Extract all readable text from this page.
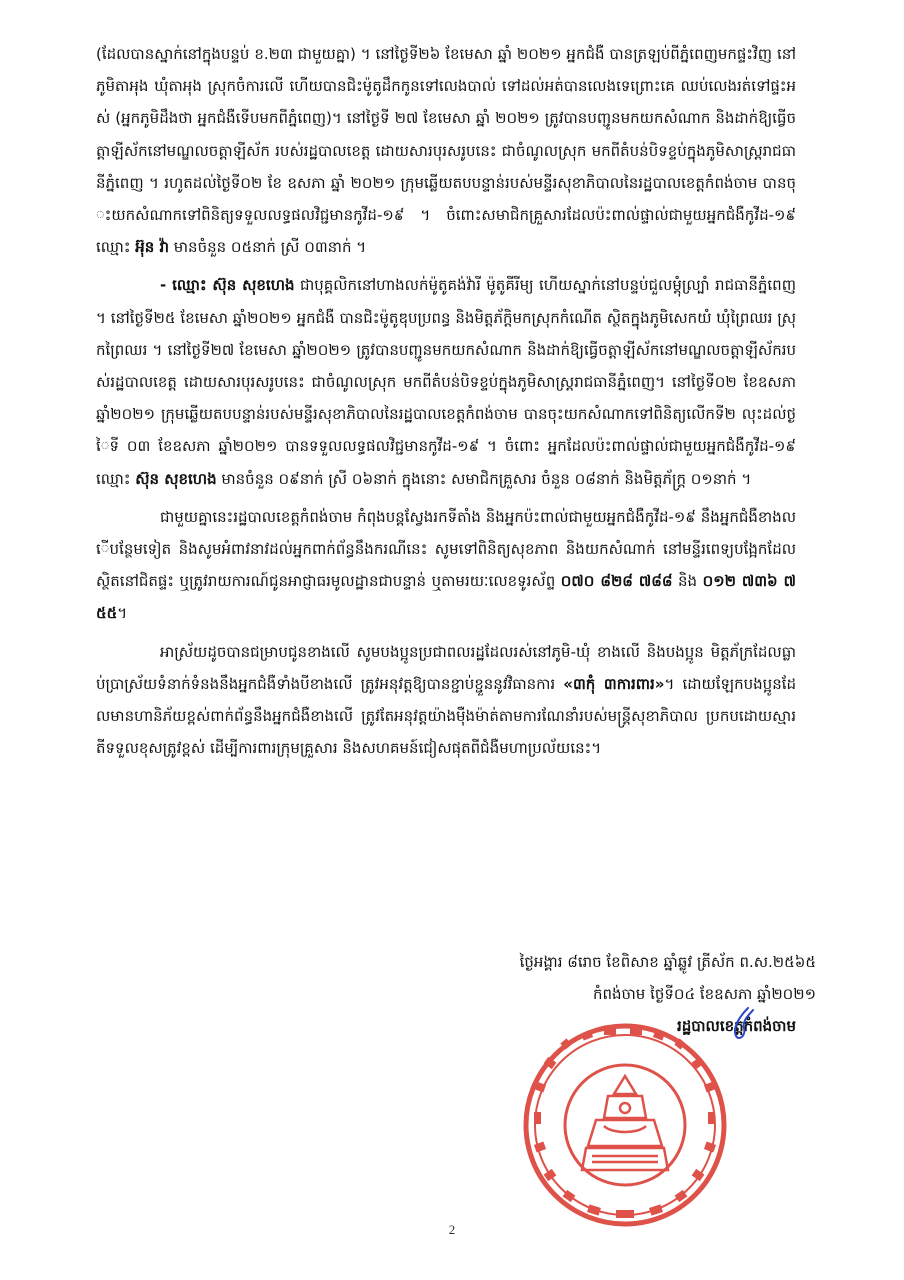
(ដែលបានស្នាក់នៅក្នុងបន្ទប់ ខ.២៣ ជាមួយគ្នា) ។ នៅថ្ងៃទី២៦ ខែមេសា ឆ្នាំ ២០២១ អ្នកជំងឺ បានត្រឡប់ពីភ្នំពេញមកផ្ទះវិញ នៅភូមិតាអុង ឃុំតាអុង ស្រុកចំការលើ ហើយបានជិះម៉ូតូដឹកកូនទៅលេងបាល់ ទៅដល់អត់បានលេងទេព្រោះគេ ឈប់លេងរត់ទៅផ្ទះអស់ (អ្នកភូមិដឹងថា អ្នកជំងឺទើបមកពីភ្នំពេញ)។ នៅថ្ងៃទី ២៧ ខែមេសា ឆ្នាំ ២០២១ ត្រូវបានបញ្ជូនមកយកសំណាក និងដាក់ឱ្យធ្វើចត្តាឡីស័កនៅមណ្ឌលចត្តាឡីស័ក របស់រដ្ឋបាលខេត្ត ដោយសារបុរសរូបនេះ ជាចំណូលស្រុក មកពីតំបន់បិទខ្ទប់ក្នុងភូមិសាស្ត្ររាជធានីភ្នំពេញ ។ រហូតដល់ថ្ងៃទី០២ ខែ ឧសភា ឆ្នាំ ២០២១ ក្រុមឆ្លើយតបបន្ទាន់របស់មន្ទីរសុខាភិបាលនៃរដ្ឋបាលខេត្តកំពង់ចាម បានចុះយកសំណាកទៅពិនិត្យទទួលលទ្ធផលវិជ្ជមានកូវីដ-១៩ ។ ចំពោះសមាជិកគ្រួសារដែលប៉ះពាល់ផ្ទាល់ជាមួយអ្នកជំងឺកូវីដ-១៩ ឈ្មោះ អ៊ុន វ៉ា មានចំនួន ០៥នាក់ ស្រី ០៣នាក់ ។

- ឈ្មោះ ស៊ុន សុខហេង ជាបុគ្គលិកនៅហាងលក់ម៉ូតូគង់វ៉ារី ម៉ូតូគីរីម្យ ហើយស្នាក់នៅបន្ទប់ជួលម្ដុំល្ប្រាំ រាជធានីភ្នំពេញ។ នៅថ្ងៃទី២៥ ខែមេសា ឆ្នាំ២០២១ អ្នកជំងឺ បានជិះម៉ូតូឌុបប្រពន្ធ និងមិត្តភ័ក្តិមកស្រុកកំណើត ស្ថិតក្នុងភូមិសេកយំ ឃុំព្រៃឈរ ស្រុកព្រៃឈរ ។ នៅថ្ងៃទី២៧ ខែមេសា ឆ្នាំ២០២១ ត្រូវបានបញ្ជូនមកយកសំណាក និងដាក់ឱ្យធ្វើចត្តាឡីស័កនៅមណ្ឌលចត្តាឡីស័ករបស់រដ្ឋបាលខេត្ត ដោយសារបុរសរូបនេះ ជាចំណូលស្រុក មកពីតំបន់បិទខ្ទប់ក្នុងភូមិសាស្ត្ររាជធានីភ្នំពេញ។ នៅថ្ងៃទី០២ ខែឧសភា ឆ្នាំ២០២១ ក្រុមឆ្លើយតបបន្ទាន់របស់មន្ទីរសុខាភិបាលនៃរដ្ឋបាលខេត្តកំពង់ចាម បានចុះយកសំណាកទៅពិនិត្យលើកទី២ លុះដល់ថ្ងៃទី ០៣ ខែឧសភា ឆ្នាំ២០២១ បានទទួលលទ្ធផលវិជ្ជមានកូវីដ-១៩ ។ ចំពោះ អ្នកដែលប៉ះពាល់ផ្ទាល់ជាមួយអ្នកជំងឺកូវីដ-១៩ ឈ្មោះ ស៊ុន សុខហេង មានចំនួន ០៩នាក់ ស្រី ០៦នាក់ ក្នុងនោះ សមាជិកគ្រួសារ ចំនួន ០៨នាក់ និងមិត្តភ័ក្ត្រ ០១នាក់ ។

ជាមួយគ្នានេះរដ្ឋបាលខេត្តកំពង់ចាម កំពុងបន្តស្វែងរកទីតាំង និងអ្នកប៉ះពាល់ជាមួយអ្នកជំងឺកូវីដ-១៩ នឹងអ្នកជំងឺខាងលើបន្ថែមទៀត និងសូមអំពាវនាវដល់អ្នកពាក់ព័ន្ធនឹងករណីនេះ សូមទៅពិនិត្យសុខភាព និងយកសំណាក់ នៅមន្ទីរពេទ្យបង្អែកដែលស្ថិតនៅជិតផ្ទះ ឬត្រូវរាយការណ៍ជូនអាជ្ញាធរមូលដ្ឋានជាបន្ទាន់ ឬតាមរយៈលេខទូរស័ព្ទ ០៧០ ៨២៨ ៧៨៨ និង ០១២ ៧៣៦ ៧៥៥។

អាស្រ័យដូចបានជម្រាបជូនខាងលើ សូមបងប្អូនប្រជាពលរដ្ឋដែលរស់នៅភូមិ-ឃុំ ខាងលើ និងបងប្អូន មិត្តភ័ក្រដែលធ្លាប់ប្រាស្រ័យទំនាក់ទំនងនឹងអ្នកជំងឺទាំងបីខាងលើ ត្រូវអនុវត្តឱ្យបានខ្ជាប់ខ្ជួននូវវិធានការ «៣កុំ ៣ការពារ»។ ដោយឡែកបងប្អូនដែលមានហានិភ័យខ្ពស់ពាក់ព័ន្ធនឹងអ្នកជំងឺខាងលើ ត្រូវតែអនុវត្តយ៉ាងម៉ឺងម៉ាត់តាមការណែនាំរបស់មន្ត្រីសុខាភិបាល ប្រកបដោយស្មារតីទទួលខុសត្រូវខ្ពស់ ដើម្បីការពារក្រុមគ្រួសារ និងសហគមន៍ជៀសផុតពីជំងឺមហាប្រល័យនេះ។

ថ្ងៃអង្គារ ៨រោច ខែពិសាខ ឆ្នាំឆ្លូវ ត្រីស័ក ព.ស.២៥៦៥
កំពង់ចាម ថ្ងៃទី០៤ ខែឧសភា ឆ្នាំ២០២១
រដ្ឋបាលខេត្តកំពង់ចាម
2
